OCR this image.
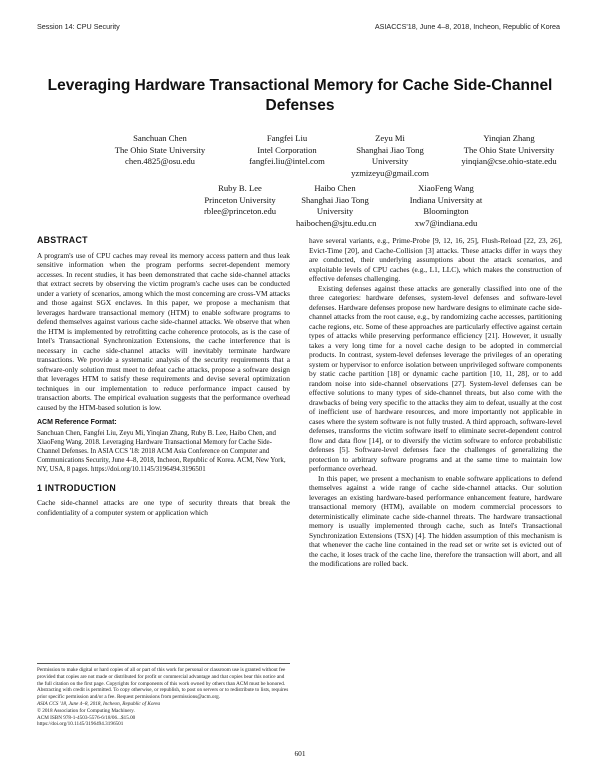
Session 14: CPU Security	ASIACCS'18, June 4–8, 2018, Incheon, Republic of Korea
Leveraging Hardware Transactional Memory for Cache Side-Channel Defenses
Sanchuan Chen
The Ohio State University
chen.4825@osu.edu
Fangfei Liu
Intel Corporation
fangfei.liu@intel.com
Zeyu Mi
Shanghai Jiao Tong University
yzmizeyu@gmail.com
Yinqian Zhang
The Ohio State University
yinqian@cse.ohio-state.edu
Ruby B. Lee
Princeton University
rblee@princeton.edu
Haibo Chen
Shanghai Jiao Tong University
haibochen@sjtu.edu.cn
XiaoFeng Wang
Indiana University at Bloomington
xw7@indiana.edu
ABSTRACT

A program's use of CPU caches may reveal its memory access pattern and thus leak sensitive information when the program performs secret-dependent memory accesses. In recent studies, it has been demonstrated that cache side-channel attacks that extract secrets by observing the victim program's cache uses can be conducted under a variety of scenarios, among which the most concerning are cross-VM attacks and those against SGX enclaves. In this paper, we propose a mechanism that leverages hardware transactional memory (HTM) to enable software programs to defend themselves against various cache side-channel attacks. We observe that when the HTM is implemented by retrofitting cache coherence protocols, as is the case of Intel's Transactional Synchronization Extensions, the cache interference that is necessary in cache side-channel attacks will inevitably terminate hardware transactions. We provide a systematic analysis of the security requirements that a software-only solution must meet to defeat cache attacks, propose a software design that leverages HTM to satisfy these requirements and devise several optimization techniques in our implementation to reduce performance impact caused by transaction aborts. The empirical evaluation suggests that the performance overhead caused by the HTM-based solution is low.

ACM Reference Format:

Sanchuan Chen, Fangfei Liu, Zeyu Mi, Yinqian Zhang, Ruby B. Lee, Haibo Chen, and XiaoFeng Wang. 2018. Leveraging Hardware Transactional Memory for Cache Side-Channel Defenses. In ASIA CCS '18: 2018 ACM Asia Conference on Computer and Communications Security, June 4–8, 2018, Incheon, Republic of Korea. ACM, New York, NY, USA, 8 pages. https://doi.org/10.1145/3196494.3196501

1 INTRODUCTION

Cache side-channel attacks are one type of security threats that break the confidentiality of a computer system or application which

Permission to make digital or hard copies of all or part of this work for personal or classroom use is granted without fee provided that copies are not made or distributed for profit or commercial advantage and that copies bear this notice and the full citation on the first page. Copyrights for components of this work owned by others than ACM must be honored. Abstracting with credit is permitted. To copy otherwise, or republish, to post on servers or to redistribute to lists, requires prior specific permission and/or a fee. Request permissions from permissions@acm.org.

ASIA CCS '18, June 4–8, 2018, Incheon, Republic of Korea

© 2018 Association for Computing Machinery.

ACM ISBN 978-1-4503-5576-6/18/06...$15.00

https://doi.org/10.1145/3196494.3196501

have several variants, e.g., Prime-Probe [9, 12, 16, 25], Flush-Reload [22, 23, 26], Evict-Time [20], and Cache-Collision [3] attacks. These attacks differ in ways they are conducted, their underlying assumptions about the attack scenarios, and exploitable levels of CPU caches (e.g., L1, LLC), which makes the construction of effective defenses challenging.

Existing defenses against these attacks are generally classified into one of the three categories: hardware defenses, system-level defenses and software-level defenses. Hardware defenses propose new hardware designs to eliminate cache side-channel attacks from the root cause, e.g., by randomizing cache accesses, partitioning cache regions, etc. Some of these approaches are particularly effective against certain types of attacks while preserving performance efficiency [21]. However, it usually takes a very long time for a novel cache design to be adopted in commercial products. In contrast, system-level defenses leverage the privileges of an operating system or hypervisor to enforce isolation between unprivileged software components by static cache partition [18] or dynamic cache partition [10, 11, 28], or to add random noise into side-channel observations [27]. System-level defenses can be effective solutions to many types of side-channel threats, but also come with the drawbacks of being very specific to the attacks they aim to defeat, usually at the cost of inefficient use of hardware resources, and more importantly not applicable in cases where the system software is not fully trusted. A third approach, software-level defenses, transforms the victim software itself to eliminate secret-dependent control flow and data flow [14], or to diversify the victim software to enforce probabilistic defenses [5]. Software-level defenses face the challenges of generalizing the protection to arbitrary software programs and at the same time to maintain low performance overhead.

In this paper, we present a mechanism to enable software applications to defend themselves against a wide range of cache side-channel attacks. Our solution leverages an existing hardware-based performance enhancement feature, hardware transactional memory (HTM), available on modern commercial processors to deterministically eliminate cache side-channel threats. The hardware transactional memory is usually implemented through cache, such as Intel's Transactional Synchronization Extensions (TSX) [4]. The hidden assumption of this mechanism is that whenever the cache line contained in the read set or write set is evicted out of the cache, it loses track of the cache line, therefore the transaction will abort, and all the modifications are rolled back.

601
